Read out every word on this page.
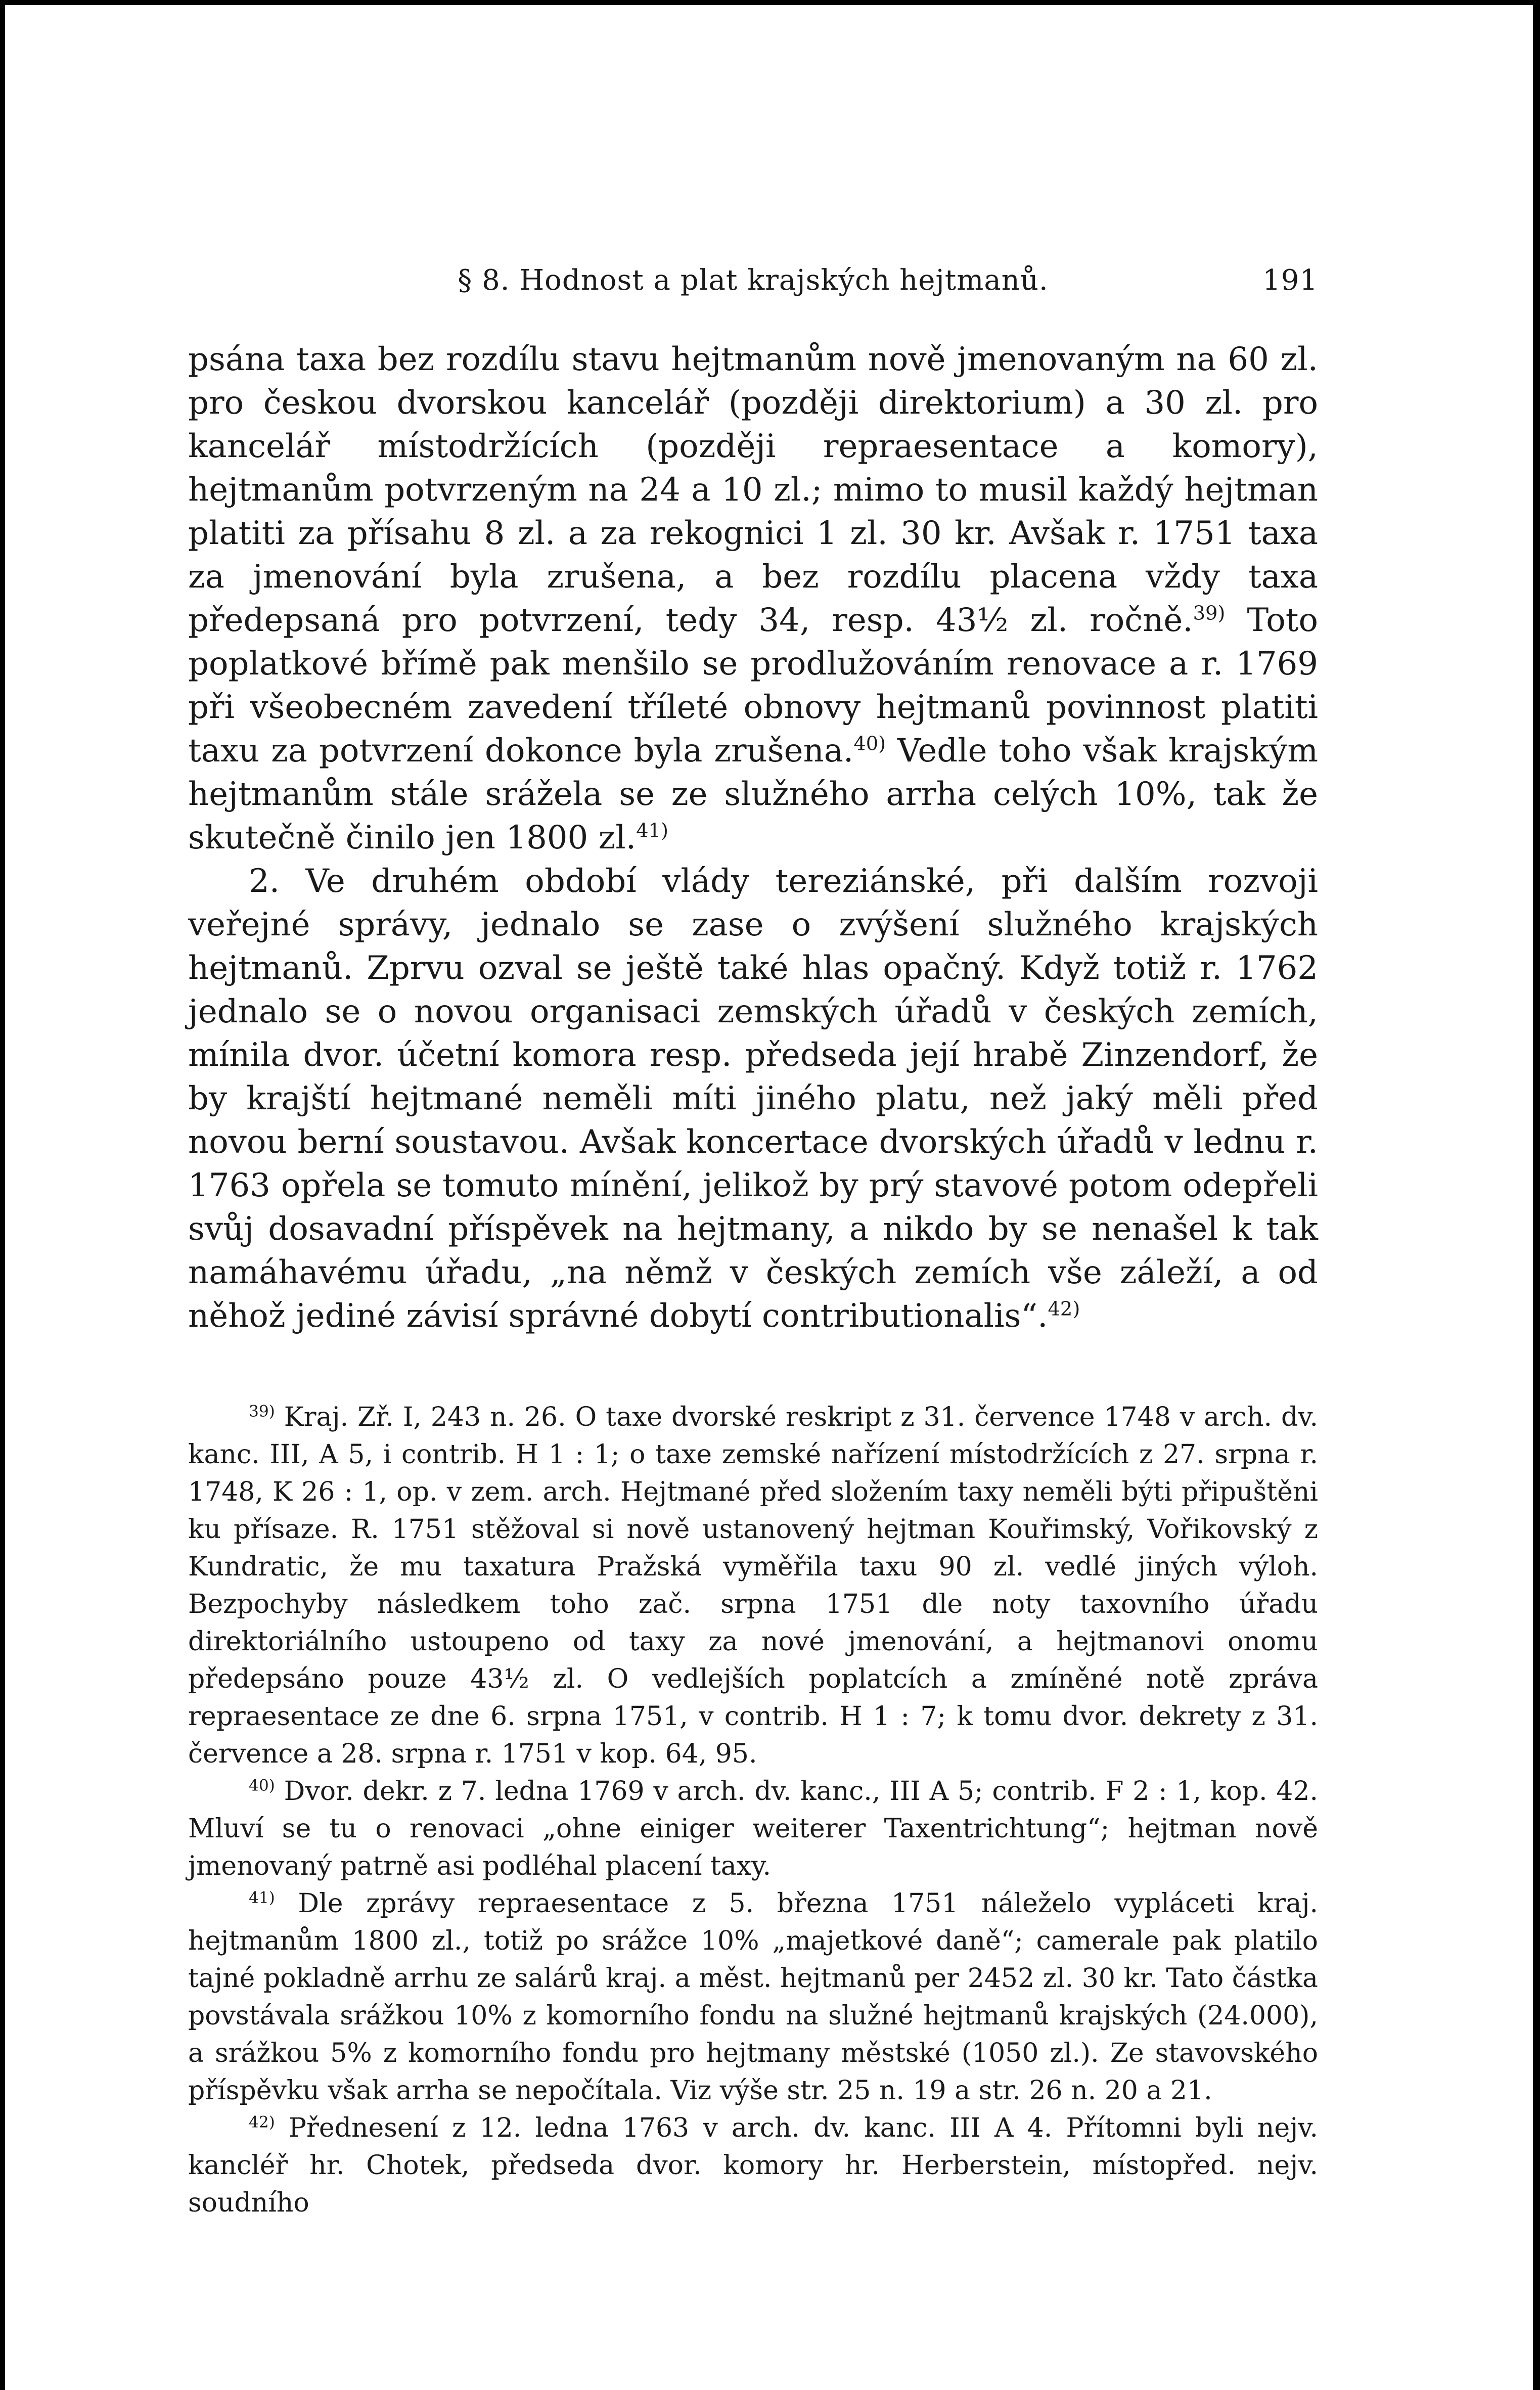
§ 8. Hodnost a plat krajských hejtmanů.	191

psána taxa bez rozdílu stavu hejtmanům nově jmenovaným na 60 zl. pro českou dvorskou kancelář (později direktorium) a 30 zl. pro kancelář místodržících (později repraesentace a komory), hejtmanům potvrzeným na 24 a 10 zl.; mimo to musil každý hejtman platiti za přísahu 8 zl. a za rekognici 1 zl. 30 kr. Avšak r. 1751 taxa za jmenování byla zrušena, a bez rozdílu placena vždy taxa předepsaná pro potvrzení, tedy 34, resp. 43½ zl. ročně.$^{39)}$ Toto poplatkové břímě pak menšilo se prodlužováním renovace a r. 1769 při všeobecném zavedení tříleté obnovy hejtmanů povinnost platiti taxu za potvrzení dokonce byla zrušena.$^{40)}$ Vedle toho však krajským hejtmanům stále srážela se ze služného arrha celých 10%, tak že skutečně činilo jen 1800 zl.$^{41)}$

2. Ve druhém období vlády tereziánské, při dalším rozvoji veřejné správy, jednalo se zase o zvýšení služného krajských hejtmanů. Zprvu ozval se ještě také hlas opačný. Když totiž r. 1762 jednalo se o novou organisaci zemských úřadů v českých zemích, mínila dvor. účetní komora resp. předseda její hrabě Zinzendorf, že by krajští hejtmané neměli míti jiného platu, než jaký měli před novou berní soustavou. Avšak koncertace dvorských úřadů v lednu r. 1763 opřela se tomuto mínění, jelikož by prý stavové potom odepřeli svůj dosavadní příspěvek na hejtmany, a nikdo by se nenašel k tak namáhavému úřadu, „na němž v českých zemích vše záleží, a od něhož jediné závisí správné dobytí contributionalis“.$^{42)}$

$^{39)}$ Kraj. Zř. I, 243 n. 26. O taxe dvorské reskript z 31. července 1748 v arch. dv. kanc. III, A 5, i contrib. H 1 : 1; o taxe zemské nařízení místodržících z 27. srpna r. 1748, K 26 : 1, op. v zem. arch. Hejtmané před složením taxy neměli býti připuštěni ku přísaze. R. 1751 stěžoval si nově ustanovený hejtman Kouřimský, Vořikovský z Kundratic, že mu taxatura Pražská vyměřila taxu 90 zl. vedlé jiných výloh. Bezpochyby následkem toho zač. srpna 1751 dle noty taxovního úřadu direktoriálního ustoupeno od taxy za nové jmenování, a hejtmanovi onomu předepsáno pouze 43½ zl. O vedlejších poplatcích a zmíněné notě zpráva repraesentace ze dne 6. srpna 1751, v contrib. H 1 : 7; k tomu dvor. dekrety z 31. července a 28. srpna r. 1751 v kop. 64, 95.

$^{40)}$ Dvor. dekr. z 7. ledna 1769 v arch. dv. kanc., III A 5; contrib. F 2 : 1, kop. 42. Mluví se tu o renovaci „ohne einiger weiterer Taxentrichtung“; hejtman nově jmenovaný patrně asi podléhal placení taxy.

$^{41)}$ Dle zprávy repraesentace z 5. března 1751 náleželo vypláceti kraj. hejtmanům 1800 zl., totiž po srážce 10% „majetkové daně“; camerale pak platilo tajné pokladně arrhu ze salárů kraj. a měst. hejtmanů per 2452 zl. 30 kr. Tato částka povstávala srážkou 10% z komorního fondu na služné hejtmanů krajských (24.000), a srážkou 5% z komorního fondu pro hejtmany městské (1050 zl.). Ze stavovského příspěvku však arrha se nepočítala. Viz výše str. 25 n. 19 a str. 26 n. 20 a 21.

$^{42)}$ Přednesení z 12. ledna 1763 v arch. dv. kanc. III A 4. Přítomni byli nejv. kancléř hr. Chotek, předseda dvor. komory hr. Herberstein, místopřed. nejv. soudního
